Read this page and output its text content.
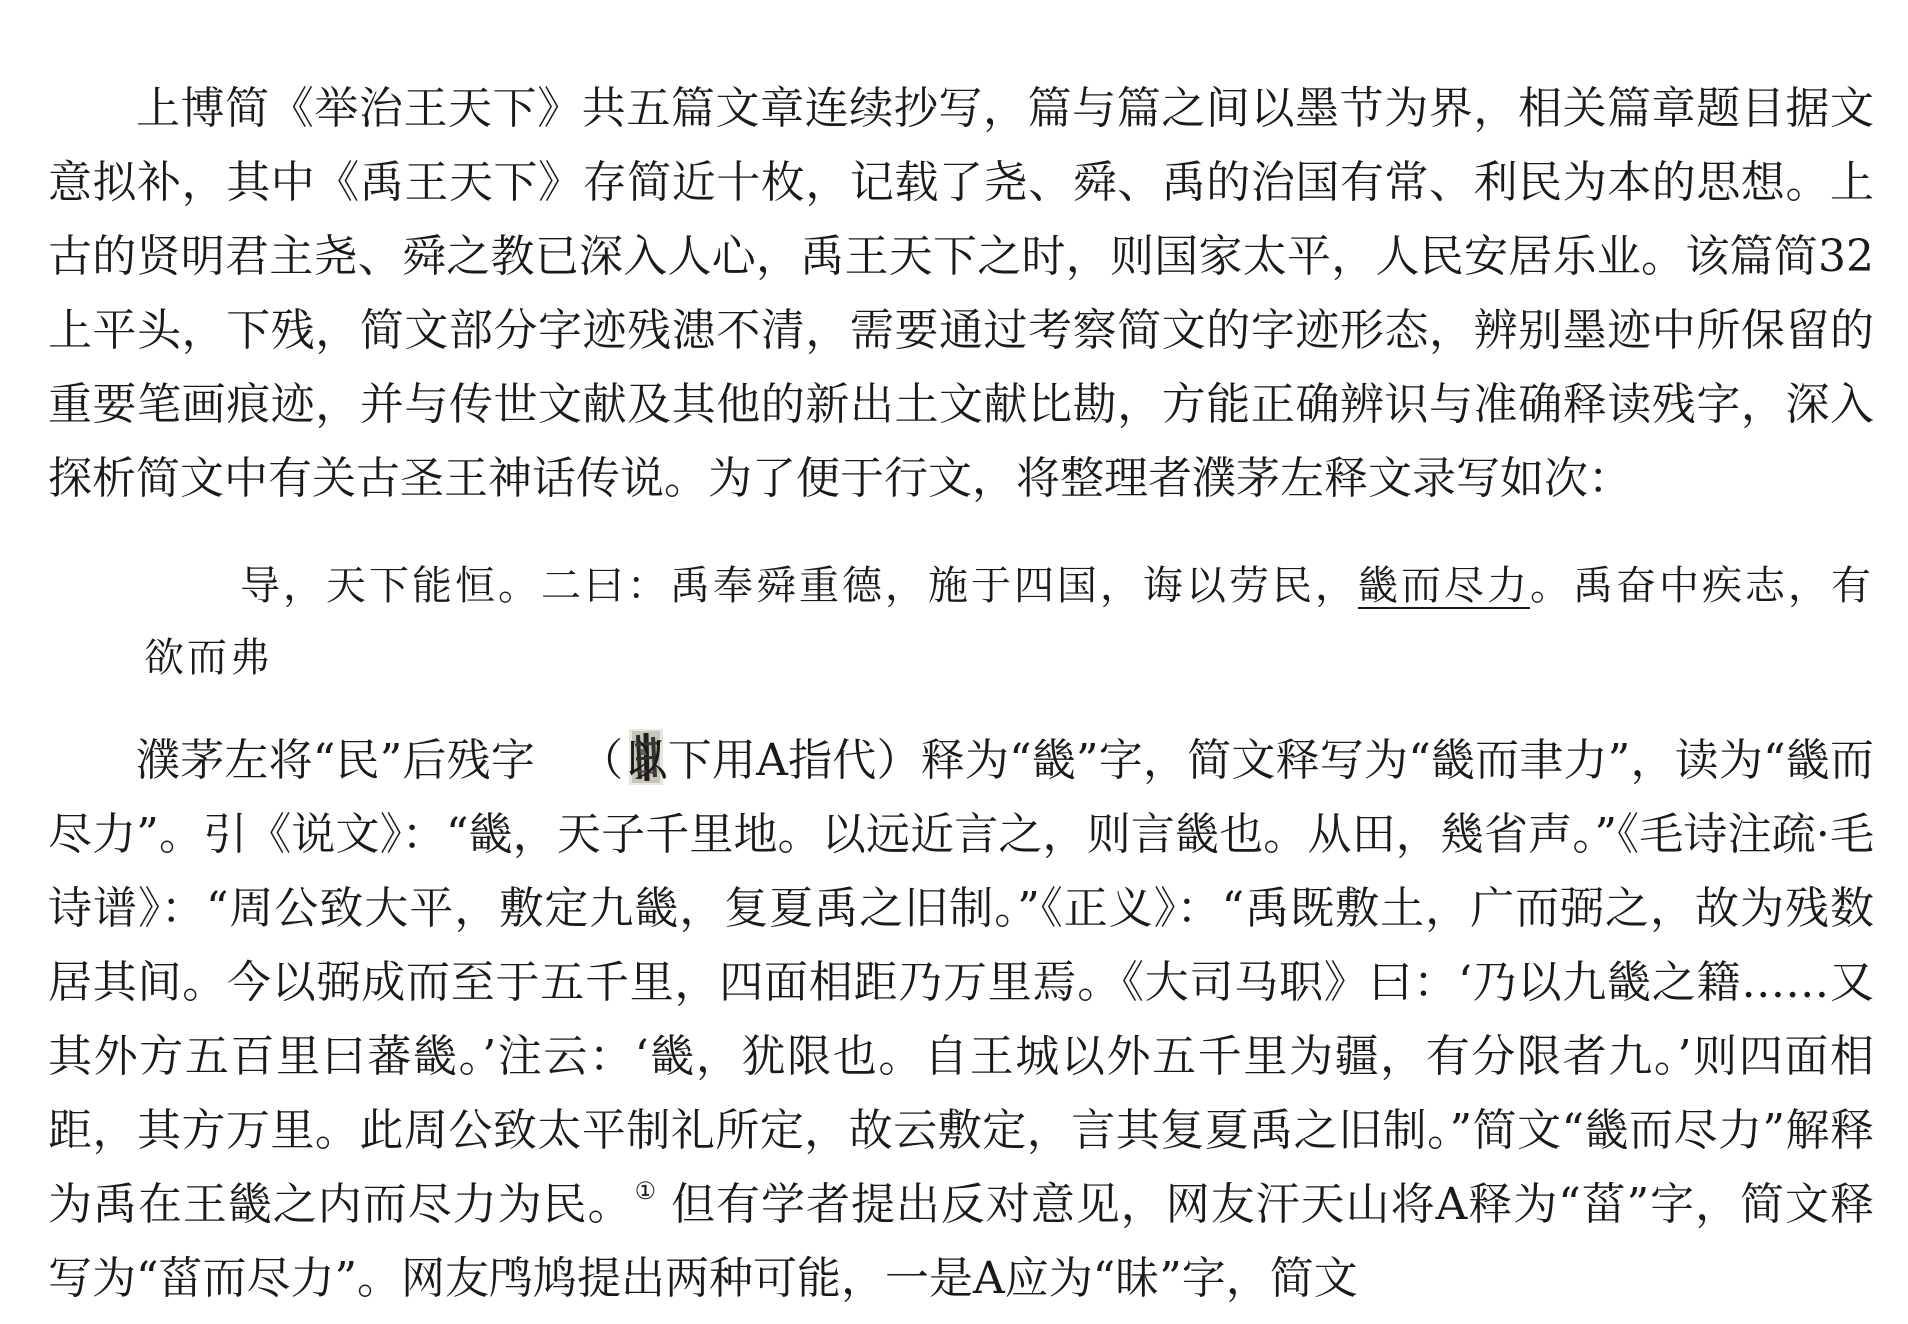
上博简《举治王天下》共五篇文章连续抄写，篇与篇之间以墨节为界，相关篇章题目据文意拟补，其中《禹王天下》存简近十枚，记载了尧、舜、禹的治国有常、利民为本的思想。上古的贤明君主尧、舜之教已深入人心，禹王天下之时，则国家太平，人民安居乐业。该篇简32上平头，下残，简文部分字迹残漶不清，需要通过考察简文的字迹形态，辨别墨迹中所保留的重要笔画痕迹，并与传世文献及其他的新出土文献比勘，方能正确辨识与准确释读残字，深入探析简文中有关古圣王神话传说。为了便于行文，将整理者濮茅左释文录写如次：

导，天下能恒。二曰：禹奉舜重德，施于四国，诲以劳民，畿而尽力。禹奋中疾志，有欲而弗

濮茅左将“民”后残字 （以下用A指代）释为“畿”字，简文释写为“畿而聿力”，读为“畿而尽力”。引《说文》：“畿，天子千里地。以远近言之，则言畿也。从田，幾省声。”《毛诗注疏·毛诗谱》：“周公致大平，敷定九畿，复夏禹之旧制。”《正义》：“禹既敷土，广而弼之，故为残数居其间。今以弼成而至于五千里，四面相距乃万里焉。《大司马职》曰：‘乃以九畿之籍……又其外方五百里曰蕃畿。’注云：‘畿，犹限也。自王城以外五千里为疆，有分限者九。’则四面相距，其方万里。此周公致太平制礼所定，故云敷定，言其复夏禹之旧制。”简文“畿而尽力”解释为禹在王畿之内而尽力为民。① 但有学者提出反对意见，网友汗天山将A释为“菑”字，简文释写为“菑而尽力”。网友鸤鸠提出两种可能，一是A应为“昧”字，简文
